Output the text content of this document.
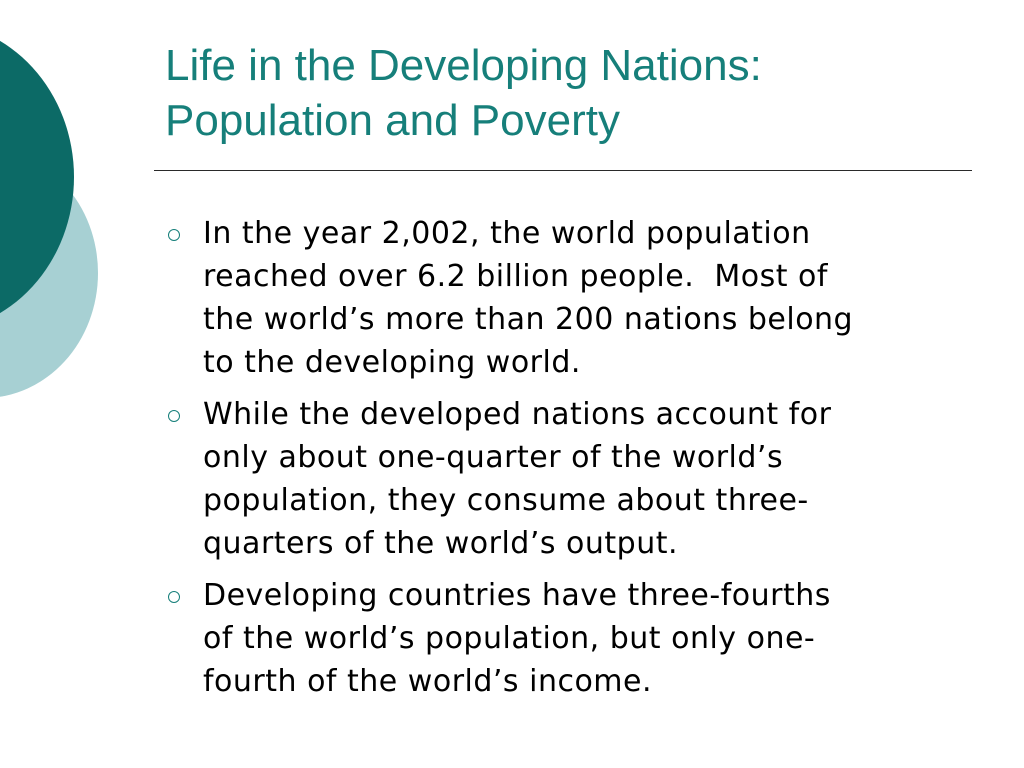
Life in the Developing Nations:
Population and Poverty
In the year 2,002, the world population
reached over 6.2 billion people.  Most of
the world’s more than 200 nations belong
to the developing world.
While the developed nations account for
only about one-quarter of the world’s
population, they consume about three-
quarters of the world’s output.
Developing countries have three-fourths
of the world’s population, but only one-
fourth of the world’s income.
